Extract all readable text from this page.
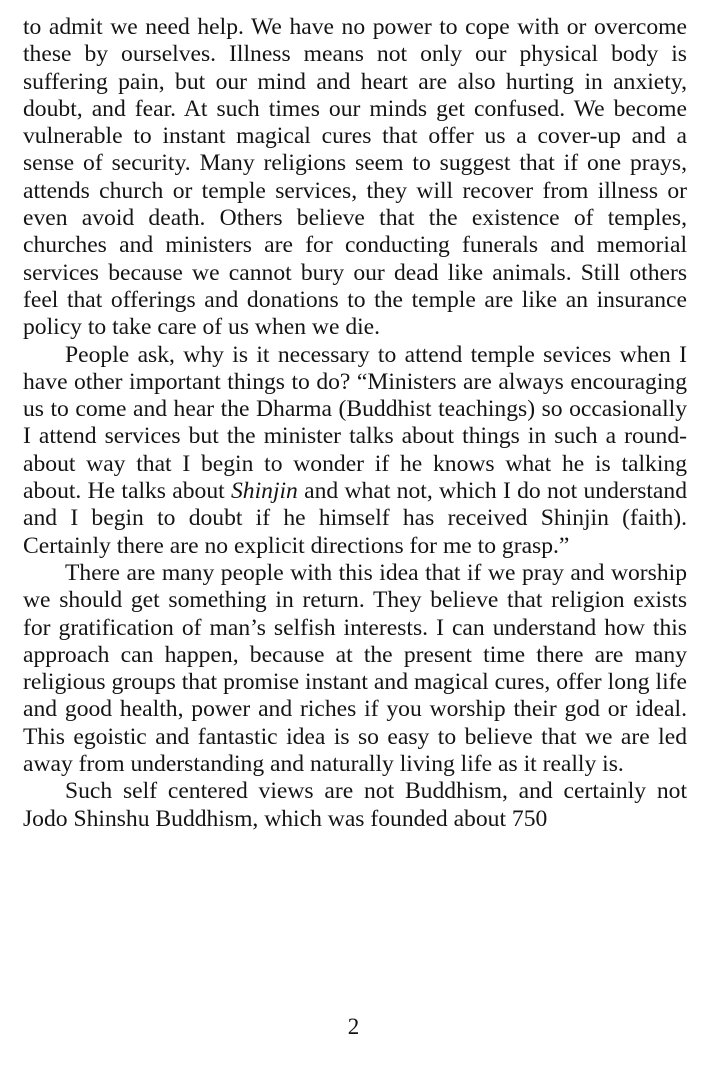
to admit we need help. We have no power to cope with or overcome these by ourselves. Illness means not only our physical body is suffering pain, but our mind and heart are also hurting in anxiety, doubt, and fear. At such times our minds get confused. We become vulnerable to instant magical cures that offer us a cover-up and a sense of security. Many religions seem to suggest that if one prays, attends church or temple services, they will recover from illness or even avoid death. Others believe that the existence of temples, churches and ministers are for conducting funerals and memorial services because we cannot bury our dead like animals. Still others feel that offerings and donations to the temple are like an insurance policy to take care of us when we die.

People ask, why is it necessary to attend temple sevices when I have other important things to do? “Ministers are always encouraging us to come and hear the Dharma (Buddhist teachings) so occasionally I attend services but the minister talks about things in such a round-about way that I begin to wonder if he knows what he is talking about. He talks about Shinjin and what not, which I do not understand and I begin to doubt if he himself has received Shinjin (faith). Certainly there are no explicit directions for me to grasp.”

There are many people with this idea that if we pray and worship we should get something in return. They believe that religion exists for gratification of man’s selfish interests. I can understand how this approach can happen, because at the present time there are many religious groups that promise instant and magical cures, offer long life and good health, power and riches if you worship their god or ideal. This egoistic and fantastic idea is so easy to believe that we are led away from understanding and naturally living life as it really is.

Such self centered views are not Buddhism, and certainly not Jodo Shinshu Buddhism, which was founded about 750

2
